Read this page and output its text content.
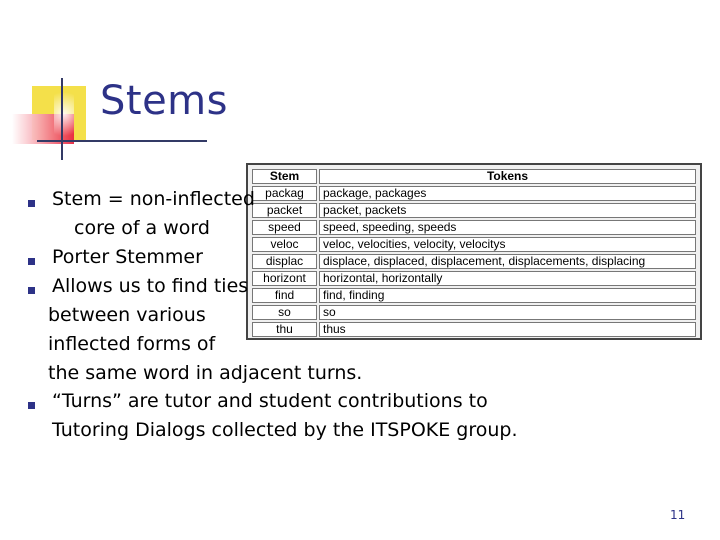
Stems
Stem	Tokens
packag	package, packages
packet	packet, packets
speed	speed, speeding, speeds
veloc	veloc, velocities, velocity, velocitys
displac	displace, displaced, displacement, displacements, displacing
horizont	horizontal, horizontally
find	find, finding
so	so
thu	thus
Stem = non-inflected
core of a word
Porter Stemmer
Allows us to find ties
between various
inflected forms of
the same word in adjacent turns.
“Turns” are tutor and student contributions to
Tutoring Dialogs collected by the ITSPOKE group.
11
